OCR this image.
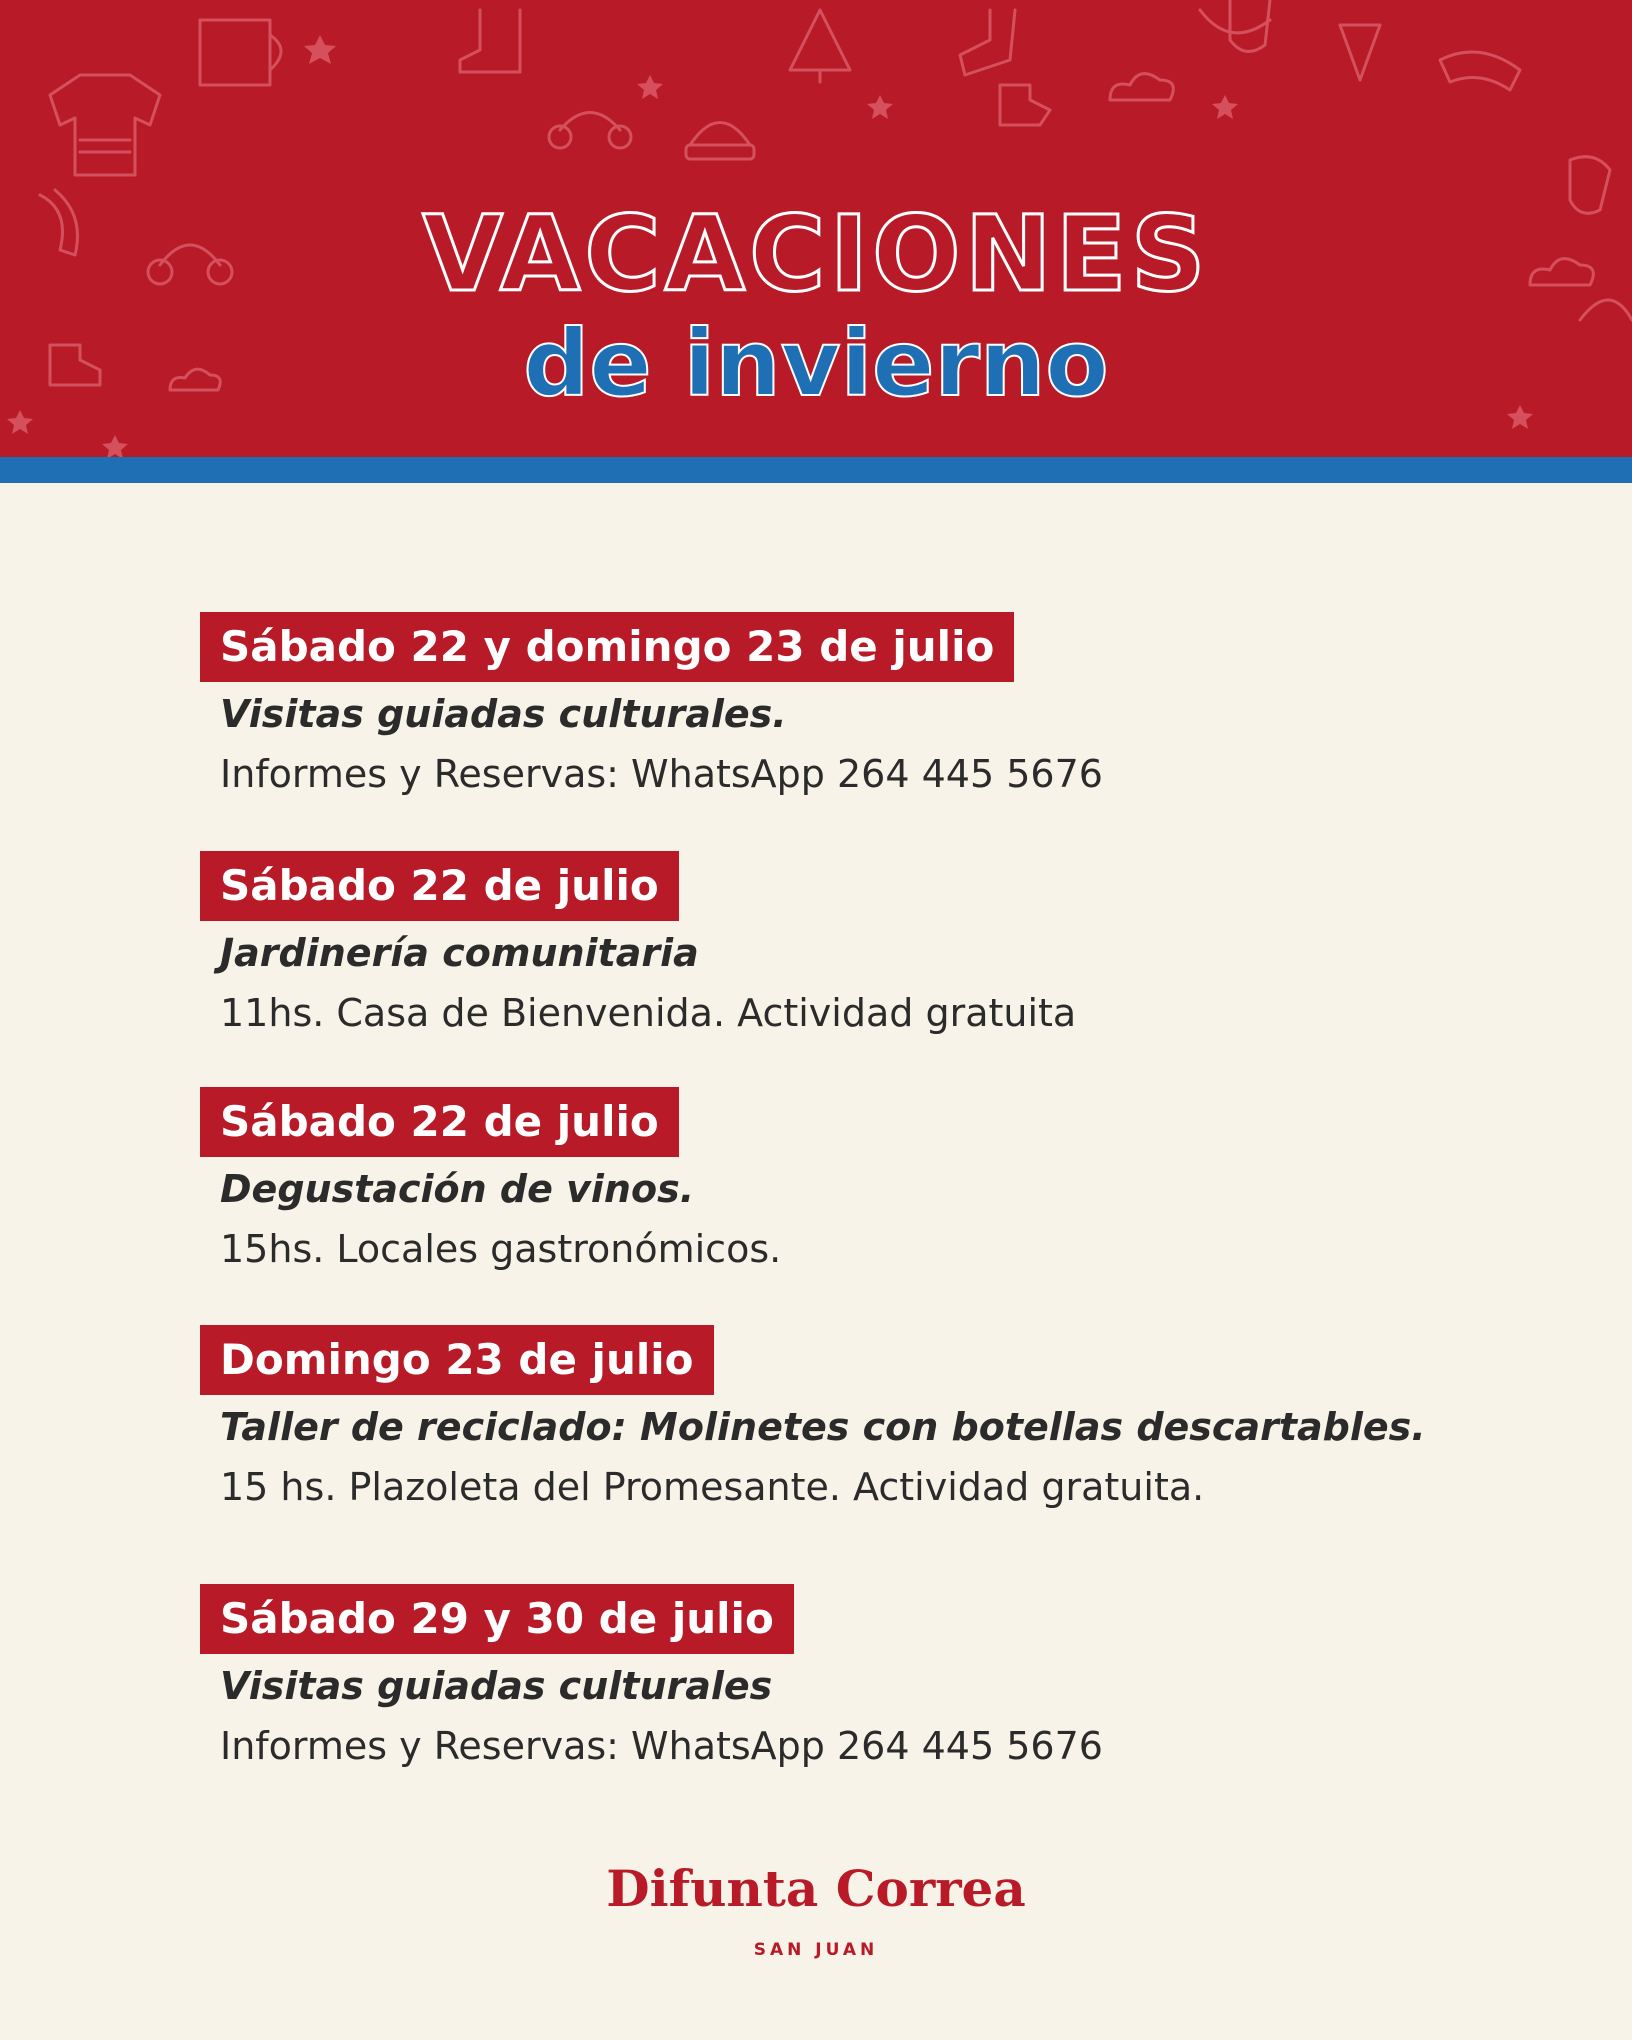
VACACIONES
de invierno
Sábado 22 y domingo 23 de julio
Visitas guiadas culturales.
Informes y Reservas: WhatsApp 264 445 5676
Sábado 22 de julio
Jardinería comunitaria
11hs. Casa de Bienvenida. Actividad gratuita
Sábado 22 de julio
Degustación de vinos.
15hs. Locales gastronómicos.
Domingo 23 de julio
Taller de reciclado: Molinetes con botellas descartables.
15 hs. Plazoleta del Promesante. Actividad gratuita.
Sábado 29 y 30 de julio
Visitas guiadas culturales
Informes y Reservas: WhatsApp 264 445 5676
Difunta Correa
SAN JUAN
